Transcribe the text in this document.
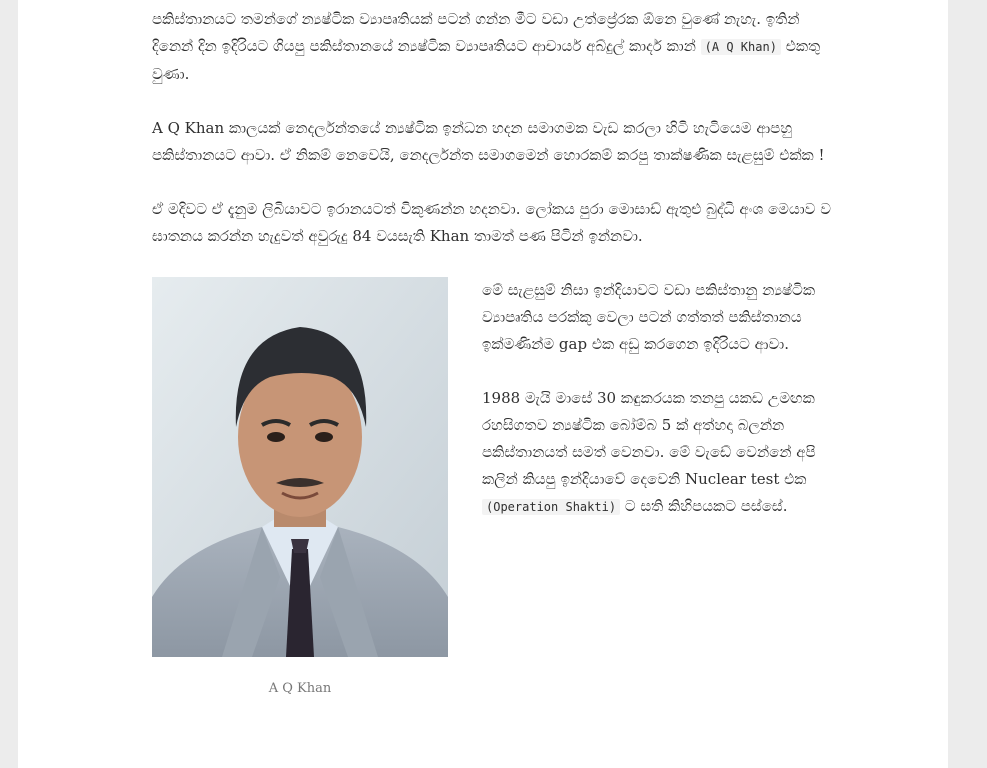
පකිස්තානයට තමන්ගේ න්‍යෂ්ටික ව්‍යාපෘතියක් පටන් ගන්න මීට වඩා උත්ප්‍රේරක ඕනෙ වුණේ නැහැ. ඉතින් දිනෙන් දින ඉදිරියට ගියපු පකිස්තානයේ න්‍යෂ්ටික ව්‍යාපෘතියට ආචාර්ය අබ්දුල් කාදර් කාන් (A Q Khan) එකතු වුණා.

A Q Khan කාලයක් නෙදර්ලන්තයේ න්‍යෂ්ටික ඉන්ධන හදන සමාගමක වැඩ කරලා හිටි හැටියෙම ආපහු පකිස්තානයට ආවා. ඒ නිකම් නෙවෙයි, නෙදර්ලන්ත සමාගමෙන් හොරකම් කරපු තාක්ෂණික සැළසුම් එක්ක !

ඒ මදිවට ඒ දැනුම ලිබියාවට ඉරානයටත් විකුණන්න හදනවා. ලෝකය පුරා මොසාඩ් ඇතුළු බුද්ධි අංශ මෙයාව ව ඝාතනය කරන්න හැදුවත් අවුරුදු 84 වයසැති Khan තාමත් පණ පිටින් ඉන්නවා.

A Q Khan

මේ සැළසුම් නිසා ඉන්දියාවට වඩා පකිස්තානු න්‍යෂ්ටික ව්‍යාපෘතිය පරක්කු වෙලා පටන් ගත්තත් පකිස්තානය ඉක්මණින්ම gap එක අඩු කරගෙන ඉදිරියට ආවා.

1988 මැයි මාසේ 30 කඳුකරයක තනපු යකඩ උමඟක රහසිගතව න්‍යෂ්ටික බෝම්බ 5 ක් අත්හදා බලන්න පකිස්තානයත් සමත් වෙනවා. මේ වැඩේ වෙන්නේ අපි කලින් කියපු ඉන්දියාවේ දෙවෙනි Nuclear test එක (Operation Shakti) ට සති කිහිපයකට පස්සේ.
